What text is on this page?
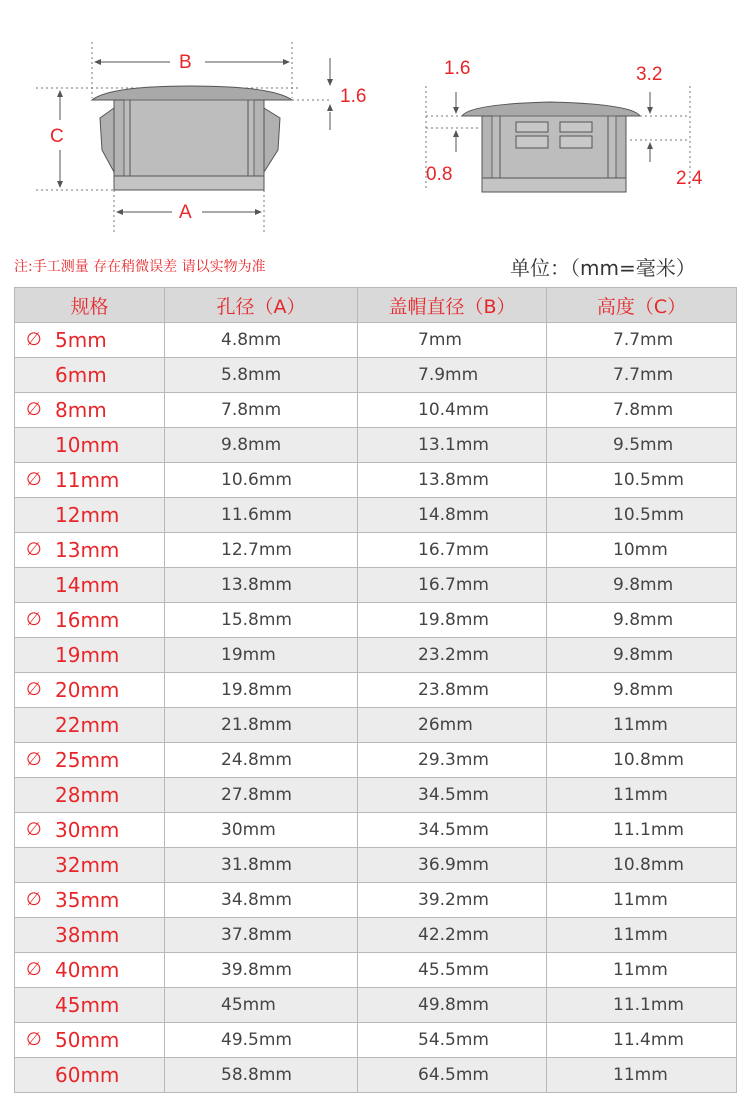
B
C
A
1.6
1.6	3.2
0.8	2.4
注:手工测量 存在稍微误差 请以实物为准	单位：（mm=毫米）
规格	孔径（A）	盖帽直径（B）	高度（C）

∅ 5mm	4.8mm	7mm	7.7mm

6mm	5.8mm	7.9mm	7.7mm

∅ 8mm	7.8mm	10.4mm	7.8mm

10mm	9.8mm	13.1mm	9.5mm

∅ 11mm	10.6mm	13.8mm	10.5mm

12mm	11.6mm	14.8mm	10.5mm

∅ 13mm	12.7mm	16.7mm	10mm

14mm	13.8mm	16.7mm	9.8mm

∅ 16mm	15.8mm	19.8mm	9.8mm

19mm	19mm	23.2mm	9.8mm

∅ 20mm	19.8mm	23.8mm	9.8mm

22mm	21.8mm	26mm	11mm

∅ 25mm	24.8mm	29.3mm	10.8mm

28mm	27.8mm	34.5mm	11mm

∅ 30mm	30mm	34.5mm	11.1mm

32mm	31.8mm	36.9mm	10.8mm

∅ 35mm	34.8mm	39.2mm	11mm

38mm	37.8mm	42.2mm	11mm

∅ 40mm	39.8mm	45.5mm	11mm

45mm	45mm	49.8mm	11.1mm

∅ 50mm	49.5mm	54.5mm	11.4mm

60mm	58.8mm	64.5mm	11mm
